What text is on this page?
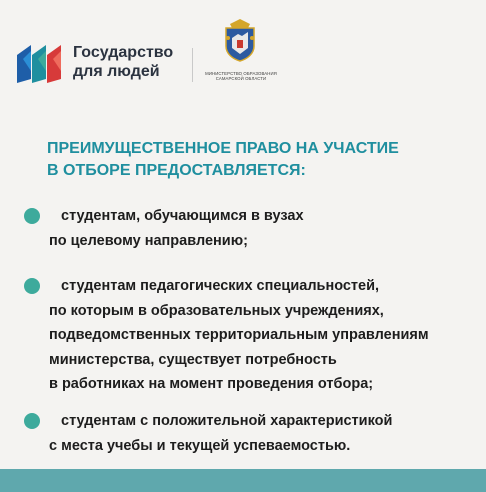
Государство
для людей	МИНИСТЕРСТВО ОБРАЗОВАНИЯ
САМАРСКОЙ ОБЛАСТИ
ПРЕИМУЩЕСТВЕННОЕ ПРАВО НА УЧАСТИЕ
В ОТБОРЕ ПРЕДОСТАВЛЯЕТСЯ:
студентам, обучающимся в вузах
по целевому направлению;
студентам педагогических специальностей,
по которым в образовательных учреждениях,
подведомственных территориальным управлениям
министерства, существует потребность
в работниках на момент проведения отбора;
студентам с положительной характеристикой
с места учебы и текущей успеваемостью.
